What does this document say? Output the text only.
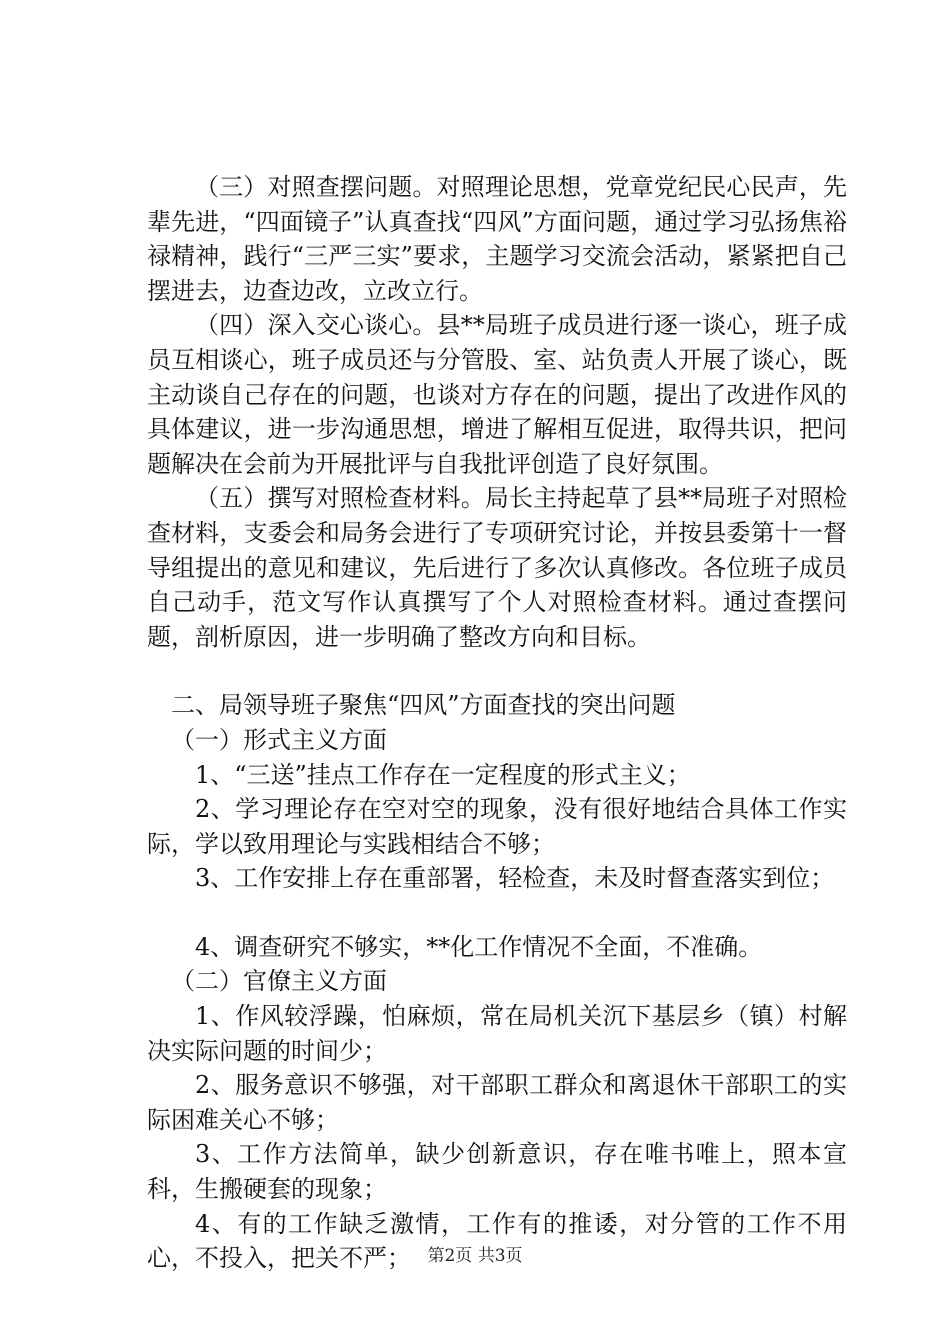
（三）对照查摆问题。对照理论思想，党章党纪民心民声，先辈先进，“四面镜子”认真查找“四风”方面问题，通过学习弘扬焦裕禄精神，践行“三严三实”要求，主题学习交流会活动，紧紧把自己摆进去，边查边改，立改立行。

（四）深入交心谈心。县**局班子成员进行逐一谈心，班子成员互相谈心，班子成员还与分管股、室、站负责人开展了谈心，既主动谈自己存在的问题，也谈对方存在的问题，提出了改进作风的具体建议，进一步沟通思想，增进了解相互促进，取得共识，把问题解决在会前为开展批评与自我批评创造了良好氛围。

（五）撰写对照检查材料。局长主持起草了县**局班子对照检查材料，支委会和局务会进行了专项研究讨论，并按县委第十一督导组提出的意见和建议，先后进行了多次认真修改。各位班子成员自己动手，范文写作认真撰写了个人对照检查材料。通过查摆问题，剖析原因，进一步明确了整改方向和目标。

二、局领导班子聚焦“四风”方面查找的突出问题

（一）形式主义方面

1、“三送”挂点工作存在一定程度的形式主义；

2、学习理论存在空对空的现象，没有很好地结合具体工作实际，学以致用理论与实践相结合不够；

3、工作安排上存在重部署，轻检查，未及时督查落实到位；

4、调查研究不够实，**化工作情况不全面，不准确。

（二）官僚主义方面

1、作风较浮躁，怕麻烦，常在局机关沉下基层乡（镇）村解决实际问题的时间少；

2、服务意识不够强，对干部职工群众和离退休干部职工的实际困难关心不够；

3、工作方法简单，缺少创新意识，存在唯书唯上，照本宣科，生搬硬套的现象；

4、有的工作缺乏激情，工作有的推诿，对分管的工作不用心，不投入，把关不严； 第2页 共3页
